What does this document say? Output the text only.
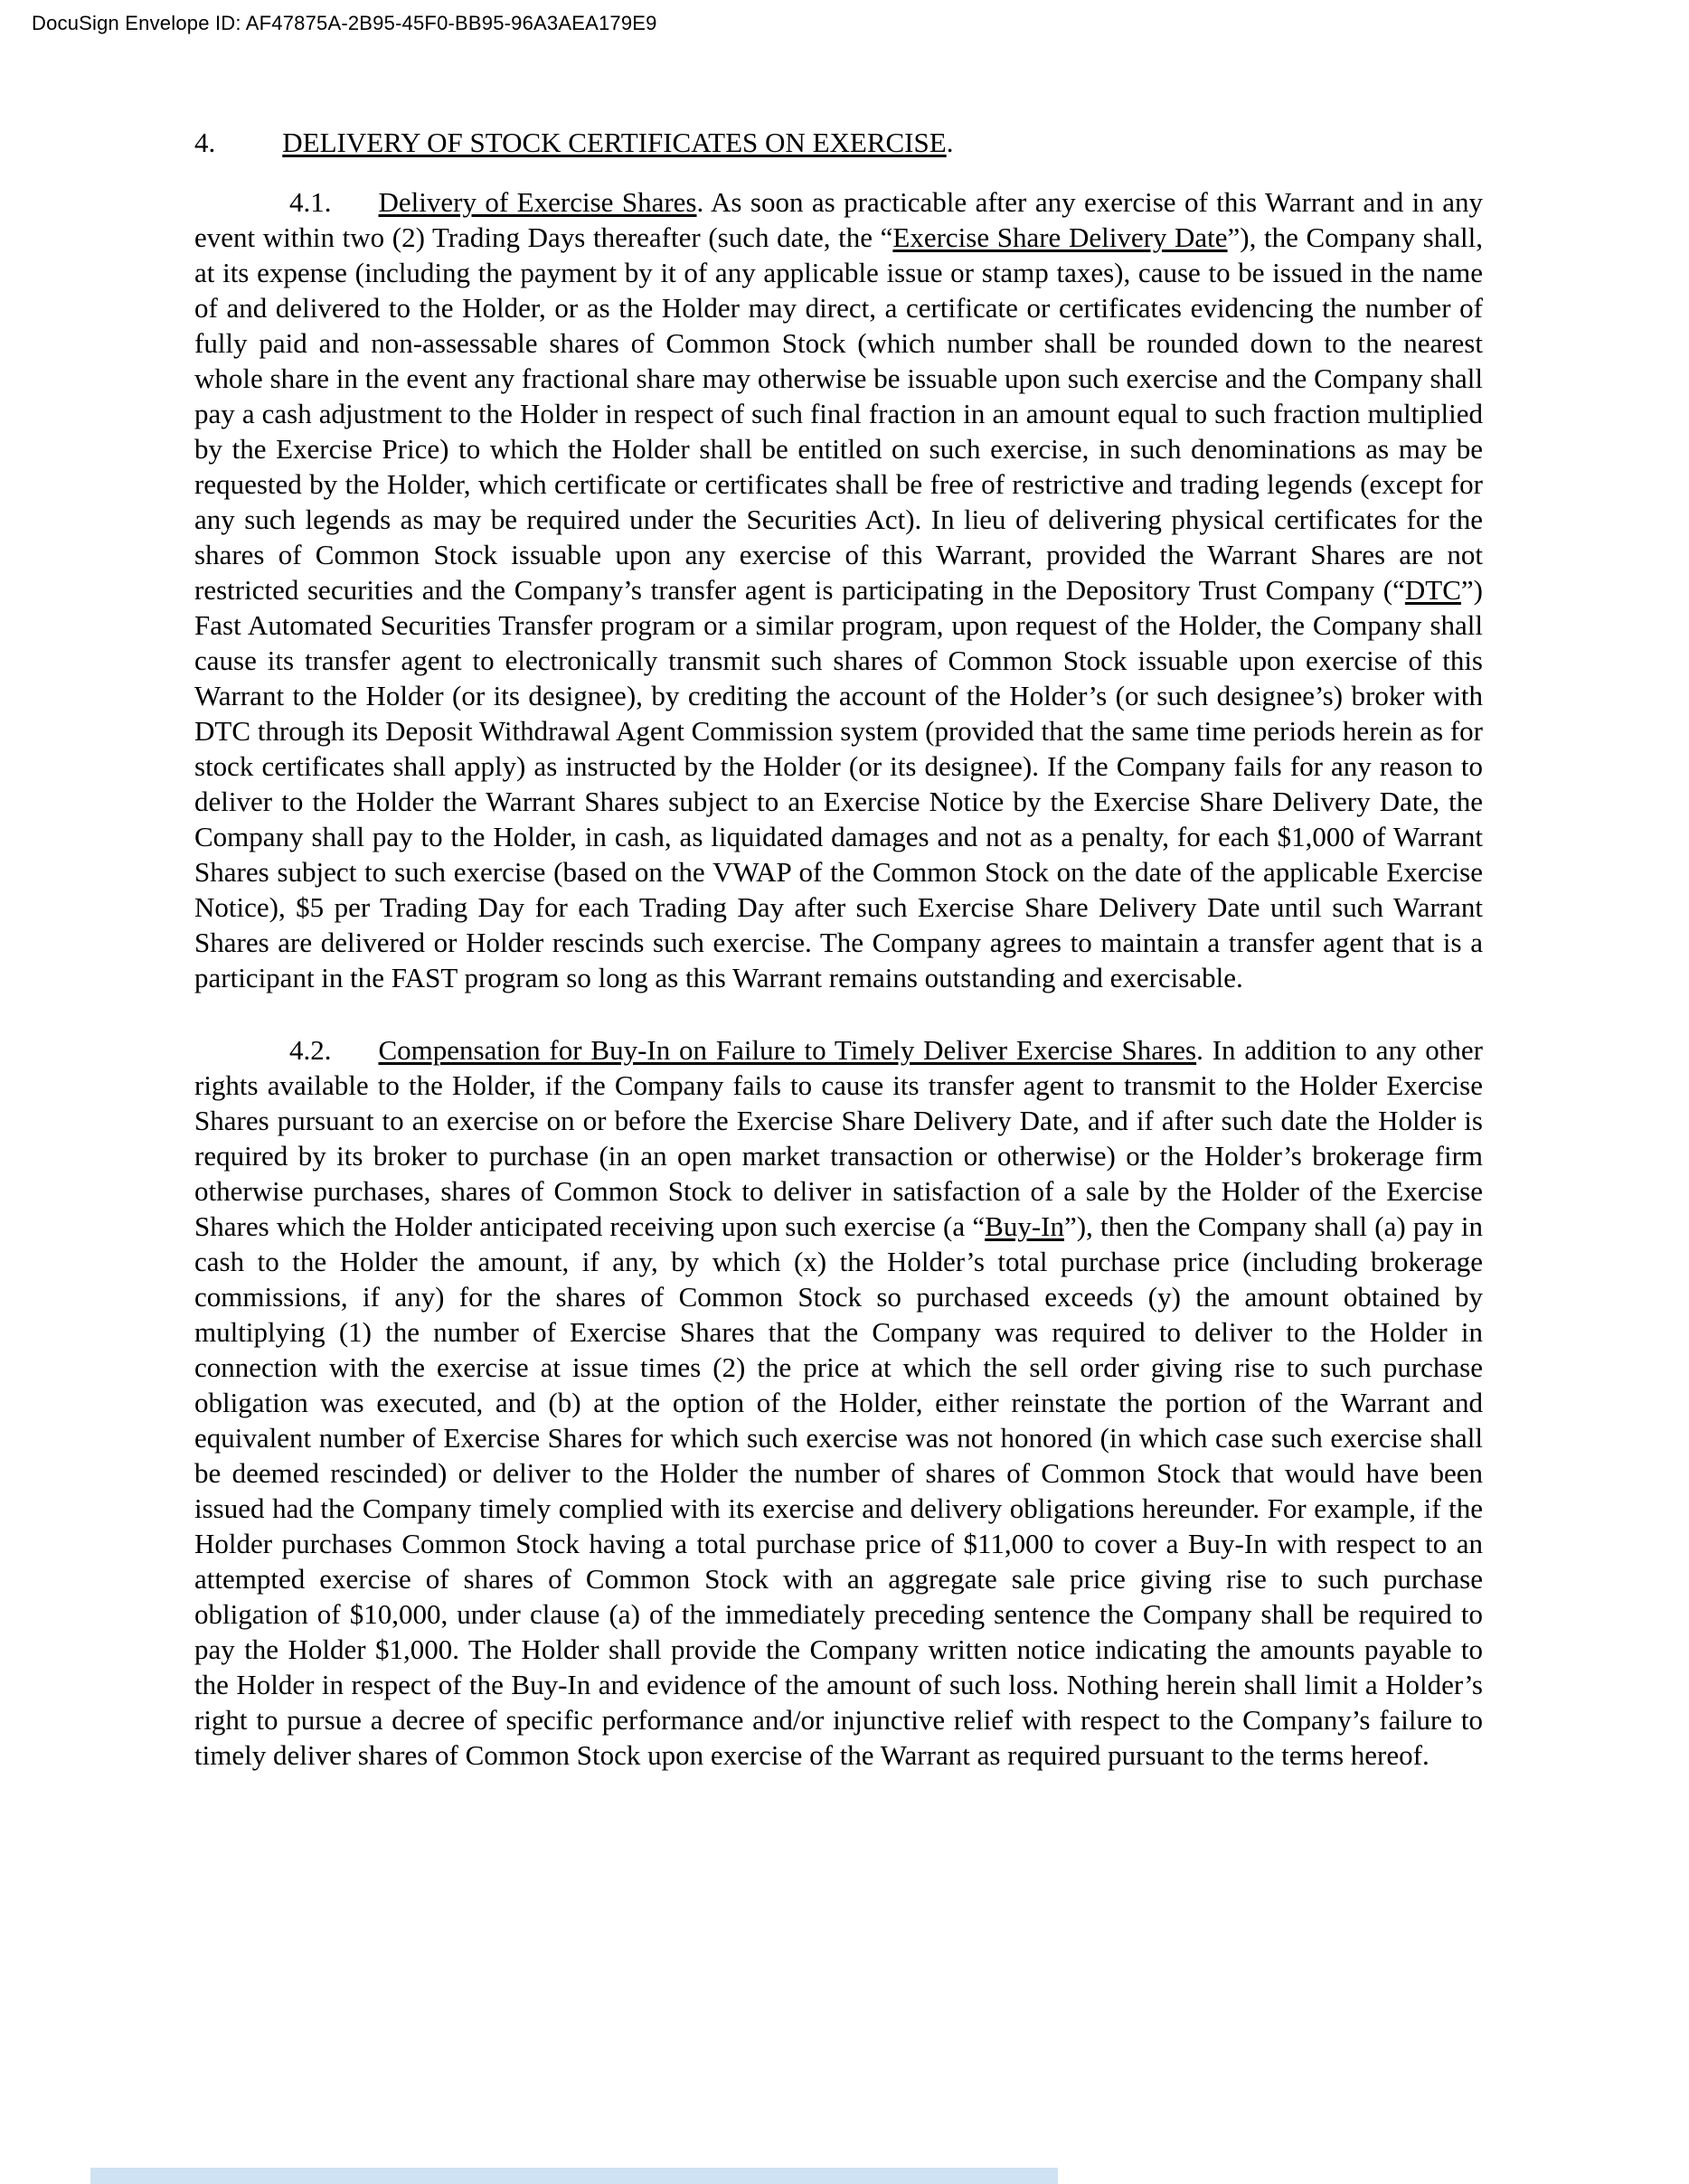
DocuSign Envelope ID: AF47875A-2B95-45F0-BB95-96A3AEA179E9

4. DELIVERY OF STOCK CERTIFICATES ON EXERCISE.

4.1. Delivery of Exercise Shares. As soon as practicable after any exercise of this Warrant and in any event within two (2) Trading Days thereafter (such date, the “Exercise Share Delivery Date”), the Company shall, at its expense (including the payment by it of any applicable issue or stamp taxes), cause to be issued in the name of and delivered to the Holder, or as the Holder may direct, a certificate or certificates evidencing the number of fully paid and non-assessable shares of Common Stock (which number shall be rounded down to the nearest whole share in the event any fractional share may otherwise be issuable upon such exercise and the Company shall pay a cash adjustment to the Holder in respect of such final fraction in an amount equal to such fraction multiplied by the Exercise Price) to which the Holder shall be entitled on such exercise, in such denominations as may be requested by the Holder, which certificate or certificates shall be free of restrictive and trading legends (except for any such legends as may be required under the Securities Act). In lieu of delivering physical certificates for the shares of Common Stock issuable upon any exercise of this Warrant, provided the Warrant Shares are not restricted securities and the Company’s transfer agent is participating in the Depository Trust Company (“DTC”) Fast Automated Securities Transfer program or a similar program, upon request of the Holder, the Company shall cause its transfer agent to electronically transmit such shares of Common Stock issuable upon exercise of this Warrant to the Holder (or its designee), by crediting the account of the Holder’s (or such designee’s) broker with DTC through its Deposit Withdrawal Agent Commission system (provided that the same time periods herein as for stock certificates shall apply) as instructed by the Holder (or its designee). If the Company fails for any reason to deliver to the Holder the Warrant Shares subject to an Exercise Notice by the Exercise Share Delivery Date, the Company shall pay to the Holder, in cash, as liquidated damages and not as a penalty, for each $1,000 of Warrant Shares subject to such exercise (based on the VWAP of the Common Stock on the date of the applicable Exercise Notice), $5 per Trading Day for each Trading Day after such Exercise Share Delivery Date until such Warrant Shares are delivered or Holder rescinds such exercise. The Company agrees to maintain a transfer agent that is a participant in the FAST program so long as this Warrant remains outstanding and exercisable.

4.2. Compensation for Buy-In on Failure to Timely Deliver Exercise Shares. In addition to any other rights available to the Holder, if the Company fails to cause its transfer agent to transmit to the Holder Exercise Shares pursuant to an exercise on or before the Exercise Share Delivery Date, and if after such date the Holder is required by its broker to purchase (in an open market transaction or otherwise) or the Holder’s brokerage firm otherwise purchases, shares of Common Stock to deliver in satisfaction of a sale by the Holder of the Exercise Shares which the Holder anticipated receiving upon such exercise (a “Buy-In”), then the Company shall (a) pay in cash to the Holder the amount, if any, by which (x) the Holder’s total purchase price (including brokerage commissions, if any) for the shares of Common Stock so purchased exceeds (y) the amount obtained by multiplying (1) the number of Exercise Shares that the Company was required to deliver to the Holder in connection with the exercise at issue times (2) the price at which the sell order giving rise to such purchase obligation was executed, and (b) at the option of the Holder, either reinstate the portion of the Warrant and equivalent number of Exercise Shares for which such exercise was not honored (in which case such exercise shall be deemed rescinded) or deliver to the Holder the number of shares of Common Stock that would have been issued had the Company timely complied with its exercise and delivery obligations hereunder. For example, if the Holder purchases Common Stock having a total purchase price of $11,000 to cover a Buy-In with respect to an attempted exercise of shares of Common Stock with an aggregate sale price giving rise to such purchase obligation of $10,000, under clause (a) of the immediately preceding sentence the Company shall be required to pay the Holder $1,000. The Holder shall provide the Company written notice indicating the amounts payable to the Holder in respect of the Buy-In and evidence of the amount of such loss. Nothing herein shall limit a Holder’s right to pursue a decree of specific performance and/or injunctive relief with respect to the Company’s failure to timely deliver shares of Common Stock upon exercise of the Warrant as required pursuant to the terms hereof.
